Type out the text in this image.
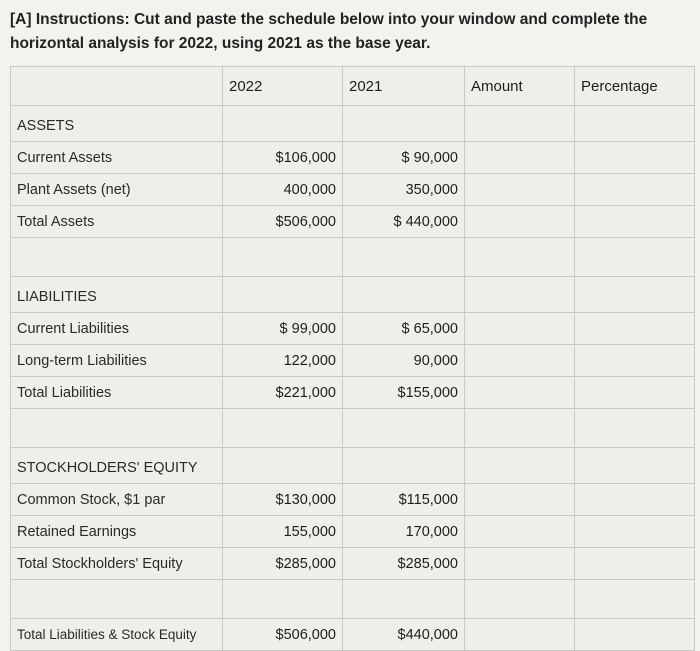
[A] Instructions: Cut and paste the schedule below into your window and complete the horizontal analysis for 2022, using 2021 as the base year.
	2022	2021	Amount	Percentage
ASSETS				
Current Assets	$106,000	$ 90,000		
Plant Assets (net)	400,000	350,000		
Total Assets	$506,000	$ 440,000		

LIABILITIES				
Current Liabilities	$ 99,000	$ 65,000		
Long-term Liabilities	122,000	90,000		
Total Liabilities	$221,000	$155,000		

STOCKHOLDERS' EQUITY				
Common Stock, $1 par	$130,000	$115,000		
Retained Earnings	155,000	170,000		
Total Stockholders' Equity	$285,000	$285,000		

Total Liabilities & Stock Equity	$506,000	$440,000		
